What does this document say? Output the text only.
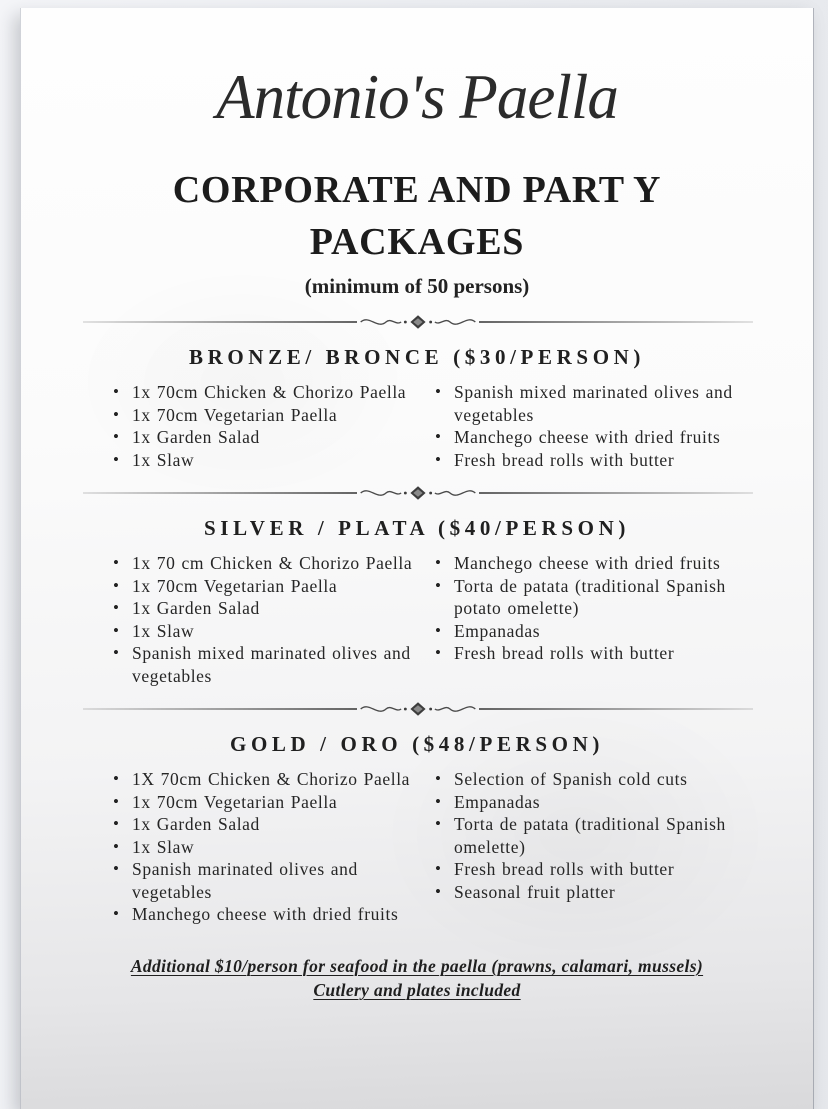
Antonio's Paella
CORPORATE AND PART Y
PACKAGES
(minimum of 50 persons)
BRONZE/ BRONCE ($30/PERSON)
• 1x 70cm Chicken & Chorizo Paella
• 1x 70cm Vegetarian Paella
• 1x Garden Salad
• 1x Slaw
• Spanish mixed marinated olives and vegetables
• Manchego cheese with dried fruits
• Fresh bread rolls with butter
SILVER / PLATA ($40/PERSON)
• 1x 70 cm Chicken & Chorizo Paella
• 1x 70cm Vegetarian Paella
• 1x Garden Salad
• 1x Slaw
• Spanish mixed marinated olives and vegetables
• Manchego cheese with dried fruits
• Torta de patata (traditional Spanish potato omelette)
• Empanadas
• Fresh bread rolls with butter
GOLD / ORO ($48/PERSON)
• 1X 70cm Chicken & Chorizo Paella
• 1x 70cm Vegetarian Paella
• 1x Garden Salad
• 1x Slaw
• Spanish marinated olives and vegetables
• Manchego cheese with dried fruits
• Selection of Spanish cold cuts
• Empanadas
• Torta de patata (traditional Spanish omelette)
• Fresh bread rolls with butter
• Seasonal fruit platter
Additional $10/person for seafood in the paella (prawns, calamari, mussels)
Cutlery and plates included
